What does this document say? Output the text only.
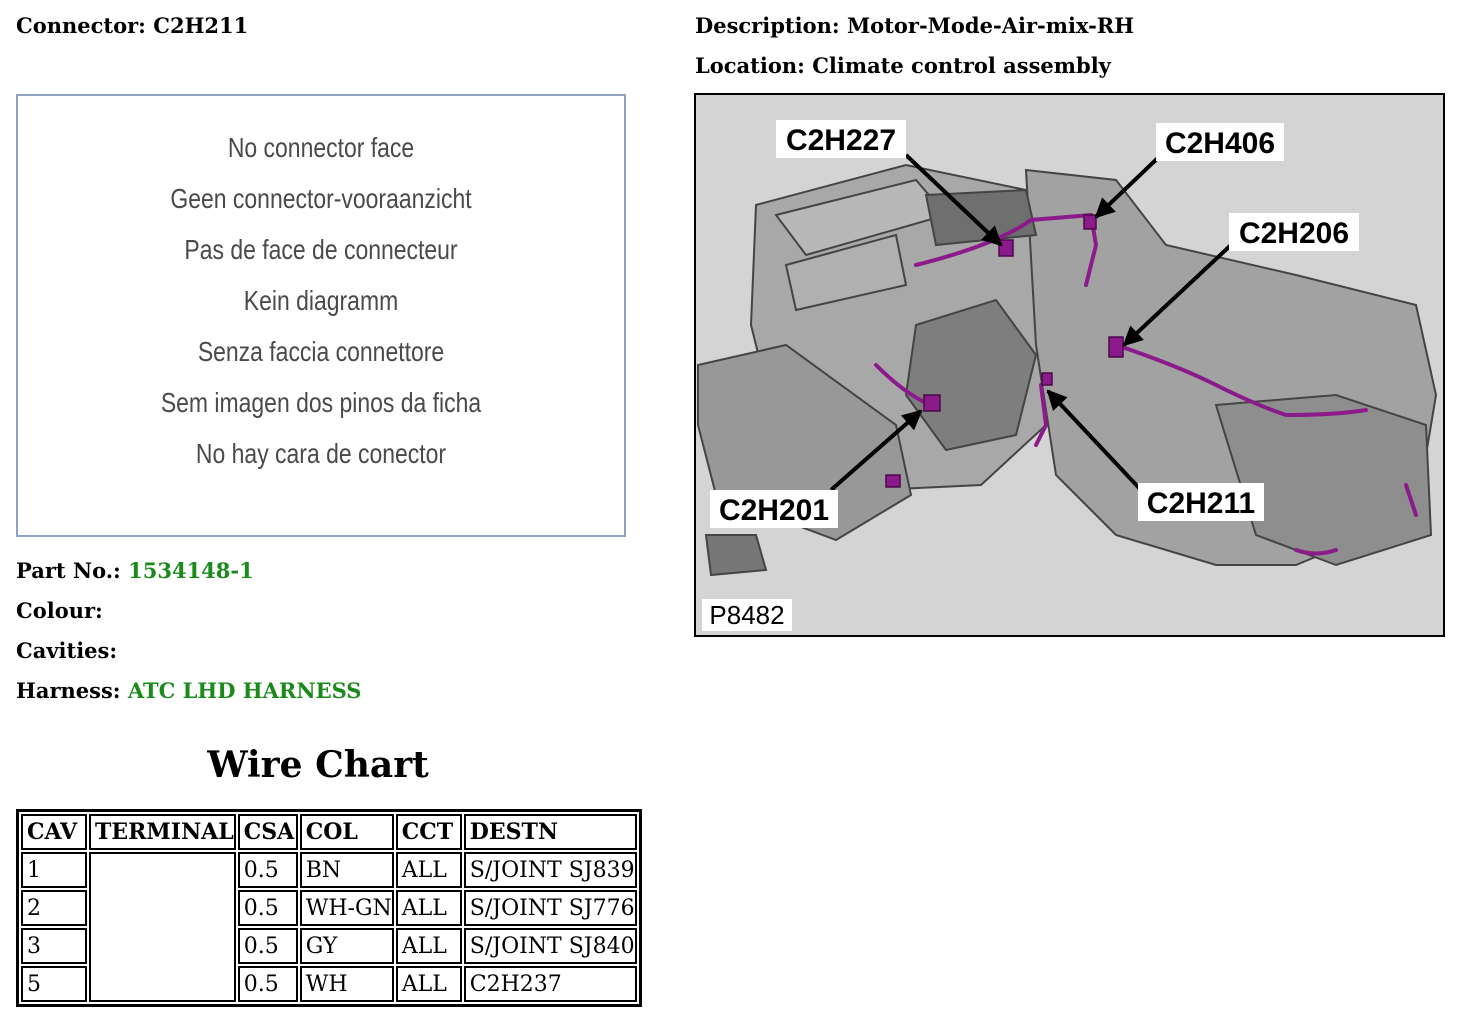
Connector: C2H211	Description: Motor-Mode-Air-mix-RH
Location: Climate control assembly
No connector face
Geen connector-vooraanzicht
Pas de face de connecteur
Kein diagramm
Senza faccia connettore
Sem imagen dos pinos da ficha
No hay cara de conector
Part No.: 1534148-1
Colour:
Cavities:
Harness: ATC LHD HARNESS
Wire Chart
CAV	TERMINAL	CSA	COL	CCT	DESTN
1		0.5	BN	ALL	S/JOINT SJ839
2		0.5	WH-GN	ALL	S/JOINT SJ776
3		0.5	GY	ALL	S/JOINT SJ840
5		0.5	WH	ALL	C2H237
C2H227	C2H406
C2H206
C2H201	C2H211
P8482
